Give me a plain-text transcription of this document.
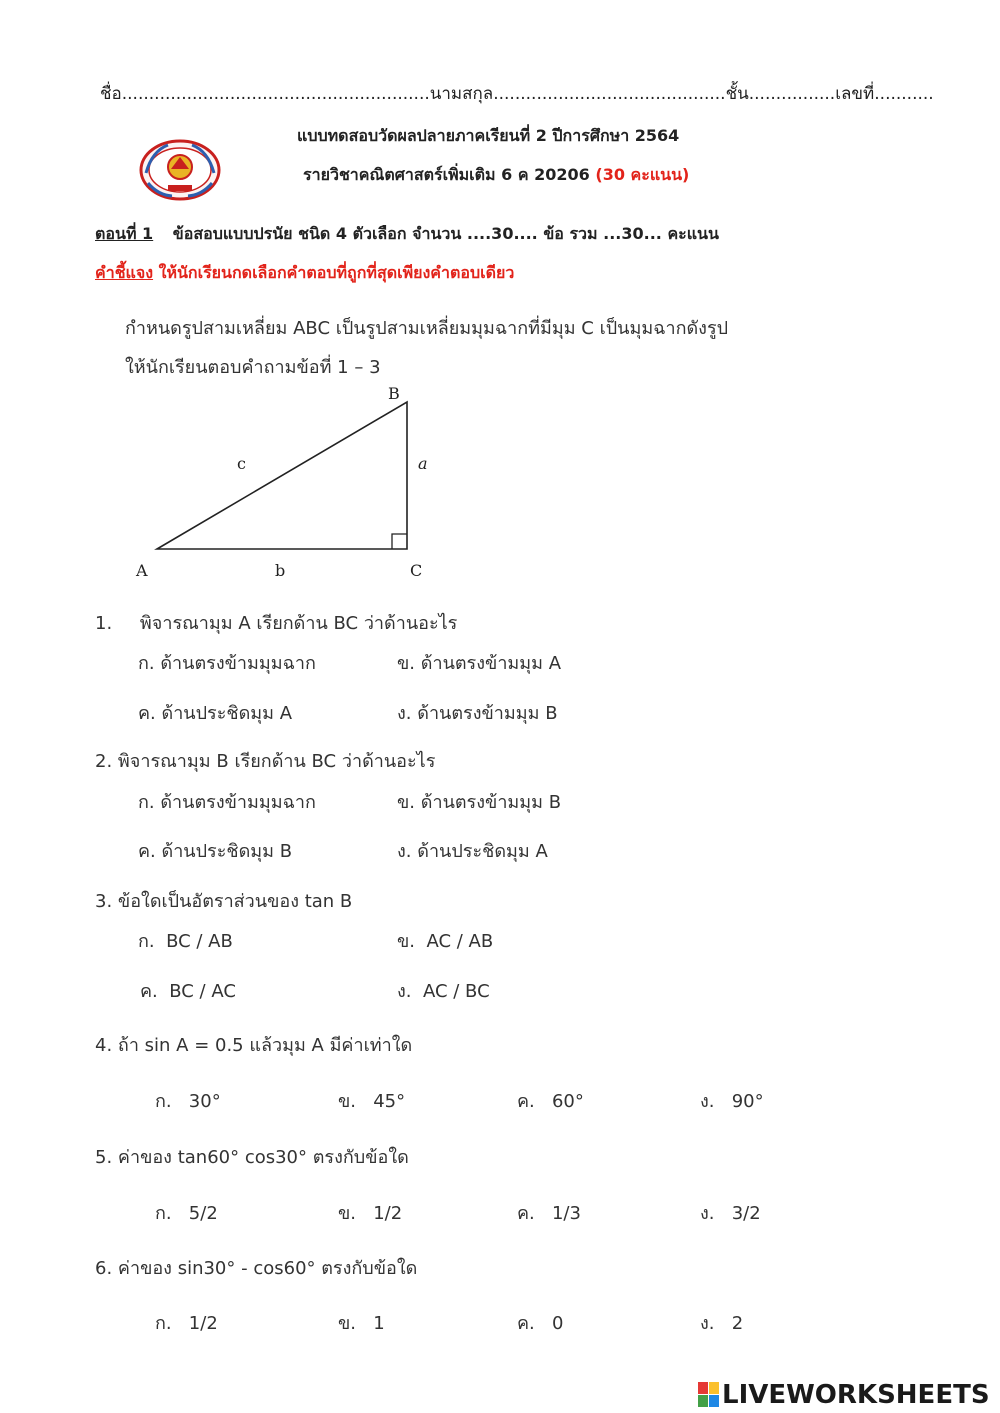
ชื่อ.........................................................นามสกุล...........................................ชั้น................เลขที่...........
แบบทดสอบวัดผลปลายภาคเรียนที่ 2 ปีการศึกษา 2564
รายวิชาคณิตศาสตร์เพิ่มเติม 6 ค 20206 (30 คะแนน)
ตอนที่ 1 ข้อสอบแบบปรนัย ชนิด 4 ตัวเลือก จำนวน ....30.... ข้อ รวม ...30... คะแนน
คำชี้แจง ให้นักเรียนกดเลือกคำตอบที่ถูกที่สุดเพียงคำตอบเดียว
กำหนดรูปสามเหลี่ยม ABC เป็นรูปสามเหลี่ยมมุมฉากที่มีมุม C เป็นมุมฉากดังรูป
ให้นักเรียนตอบคำถามข้อที่ 1 – 3
B
A	C
a
b
c
1. พิจารณามุม A เรียกด้าน BC ว่าด้านอะไร
ก. ด้านตรงข้ามมุมฉาก	ข. ด้านตรงข้ามมุม A
ค. ด้านประชิดมุม A	ง. ด้านตรงข้ามมุม B
2. พิจารณามุม B เรียกด้าน BC ว่าด้านอะไร
ก. ด้านตรงข้ามมุมฉาก	ข. ด้านตรงข้ามมุม B
ค. ด้านประชิดมุม B	ง. ด้านประชิดมุม A
3. ข้อใดเป็นอัตราส่วนของ tan B
ก. BC / AB	ข. AC / AB
ค. BC / AC	ง. AC / BC
4. ถ้า sin A = 0.5 แล้วมุม A มีค่าเท่าใด
ก. 30°	ข. 45°	ค. 60°	ง. 90°
5. ค่าของ tan60° cos30° ตรงกับข้อใด
ก. 5/2	ข. 1/2	ค. 1/3	ง. 3/2
6. ค่าของ sin30° - cos60° ตรงกับข้อใด
ก. 1/2	ข. 1	ค. 0	ง. 2
LIVEWORKSHEETS
